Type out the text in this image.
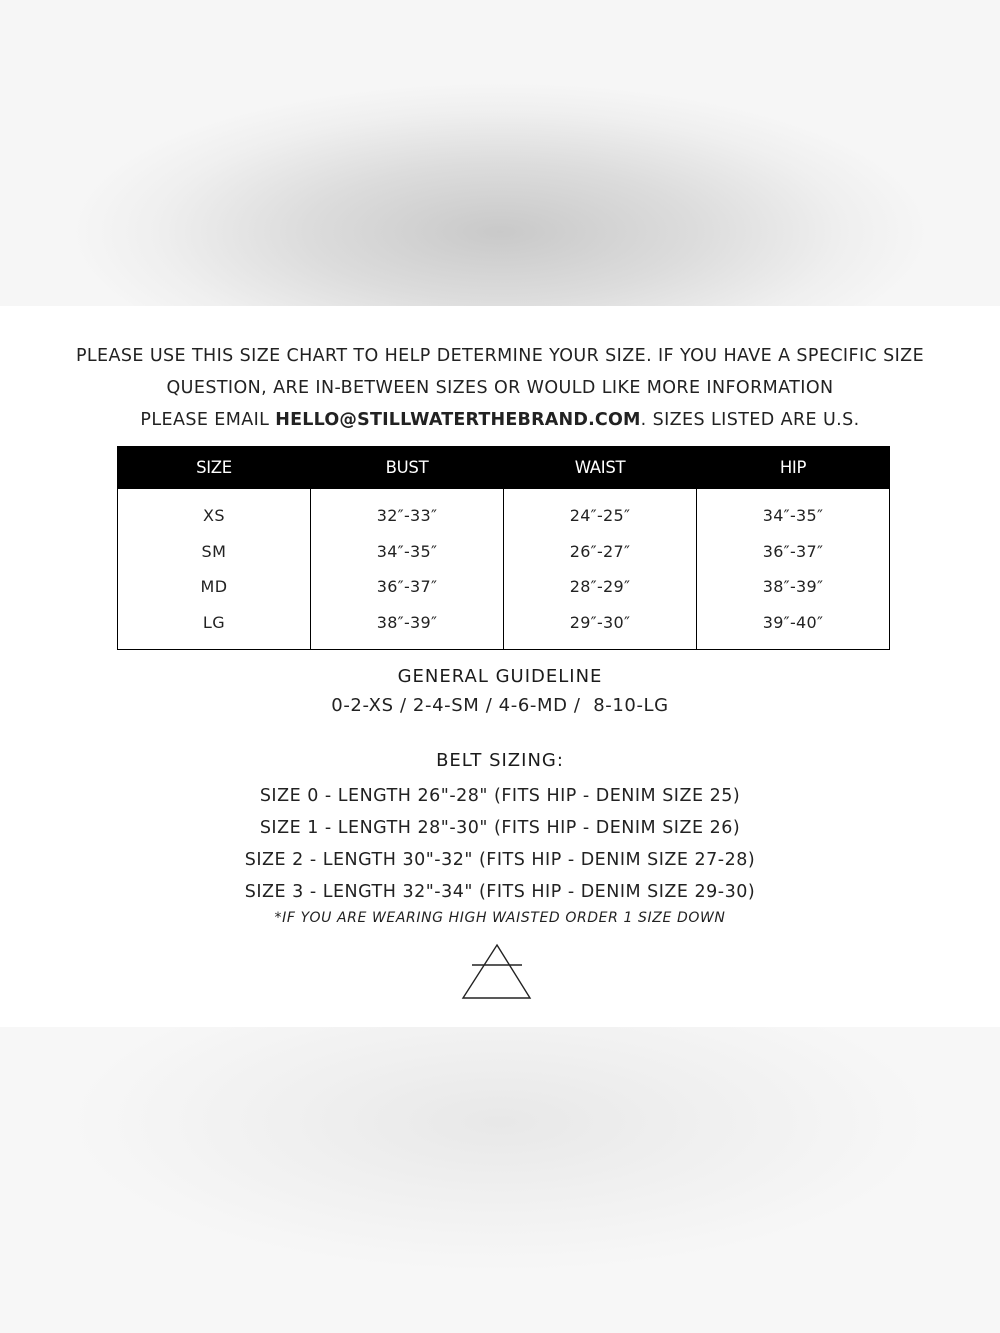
PLEASE USE THIS SIZE CHART TO HELP DETERMINE YOUR SIZE. IF YOU HAVE A SPECIFIC SIZE
QUESTION, ARE IN-BETWEEN SIZES OR WOULD LIKE MORE INFORMATION
PLEASE EMAIL HELLO@STILLWATERTHEBRAND.COM. SIZES LISTED ARE U.S.
SIZE	BUST	WAIST	HIP
XS	32″-33″	24″-25″	34″-35″
SM	34″-35″	26″-27″	36″-37″
MD	36″-37″	28″-29″	38″-39″
LG	38″-39″	29″-30″	39″-40″
GENERAL GUIDELINE
0-2-XS / 2-4-SM / 4-6-MD /  8-10-LG
BELT SIZING:
SIZE 0 - LENGTH 26"-28" (FITS HIP - DENIM SIZE 25)
SIZE 1 - LENGTH 28"-30" (FITS HIP - DENIM SIZE 26)
SIZE 2 - LENGTH 30"-32" (FITS HIP - DENIM SIZE 27-28)
SIZE 3 - LENGTH 32"-34" (FITS HIP - DENIM SIZE 29-30)
*IF YOU ARE WEARING HIGH WAISTED ORDER 1 SIZE DOWN
